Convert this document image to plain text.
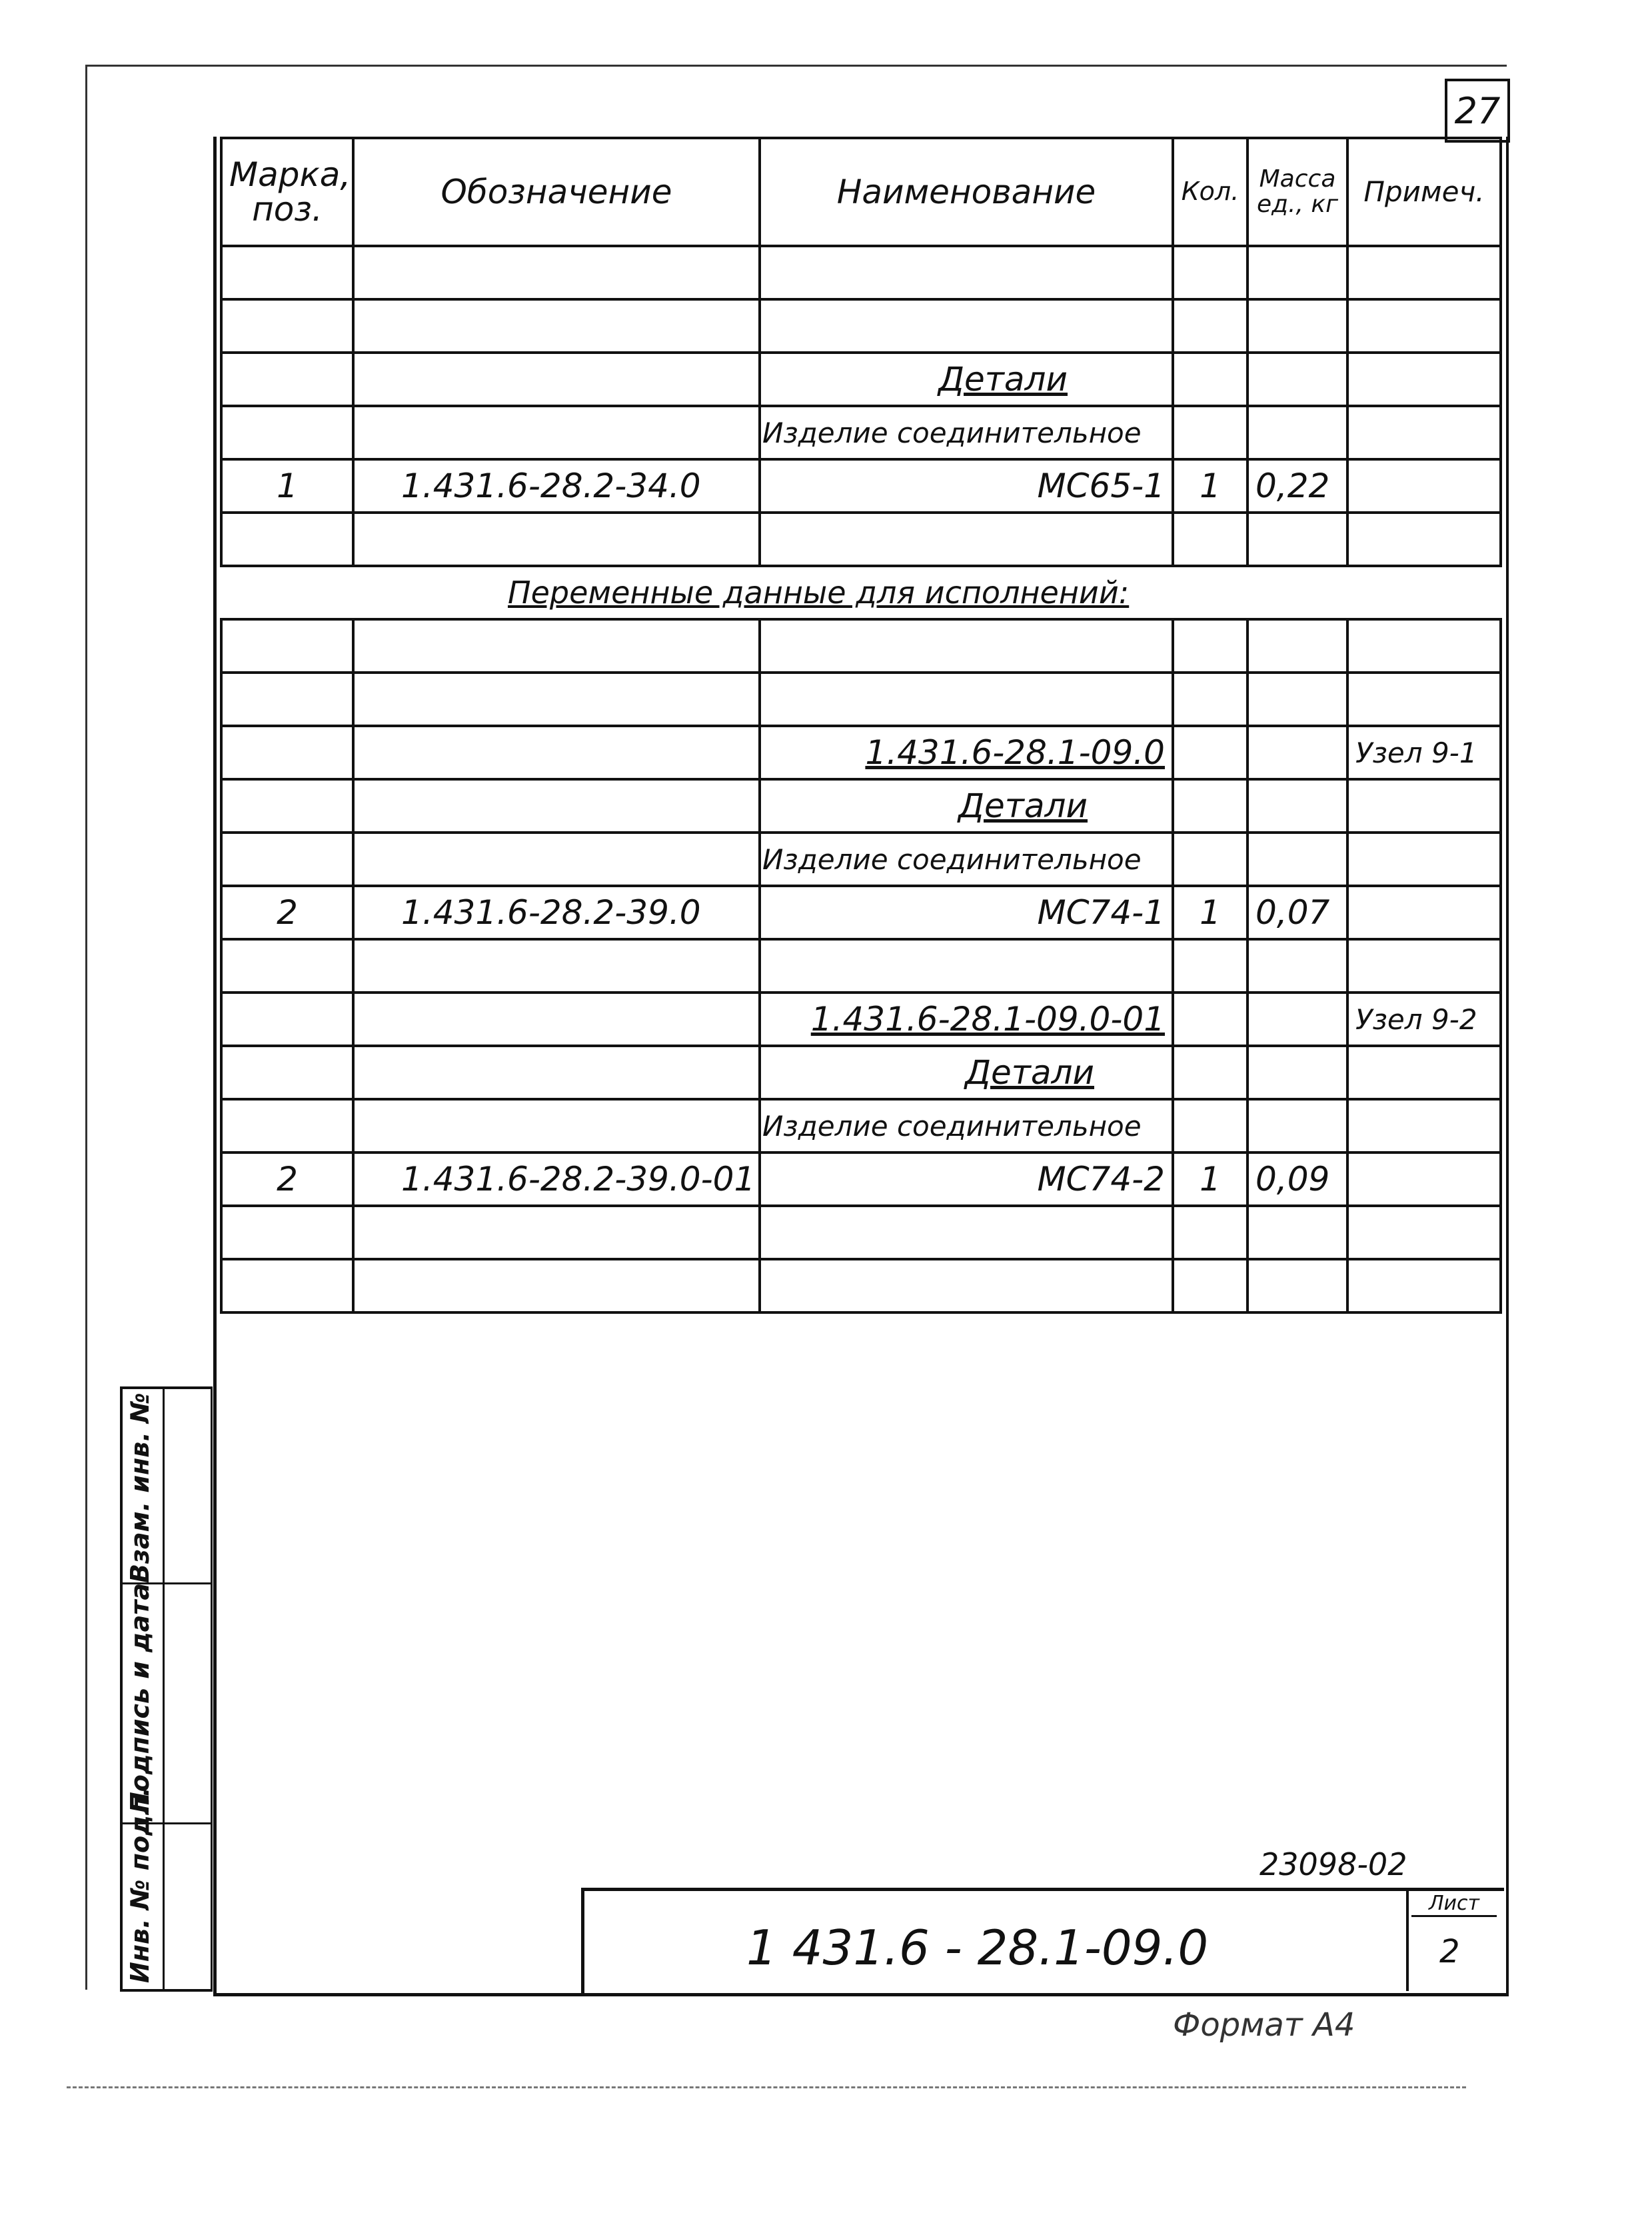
27
Марка, поз.	Обозначение	Наименование	Кол.	Масса ед., кг	Примеч.

		Детали			
		Изделие соединительное			
1	1.431.6-28.2-34.0	МС65-1	1	0,22	

Переменные данные для исполнений:					

		1.431.6-28.1-09.0			Узел 9-1
		Детали			
		Изделие соединительное			
2	1.431.6-28.2-39.0	МС74-1	1	0,07	

		1.431.6-28.1-09.0-01			Узел 9-2
		Детали			
		Изделие соединительное			
2	1.431.6-28.2-39.0-01	МС74-2	1	0,09	

Инв. № подл.
Подпись и дата
Взам. инв. №
23098-02
Лист
1 431.6 - 28.1-09.0	2
Формат А4
